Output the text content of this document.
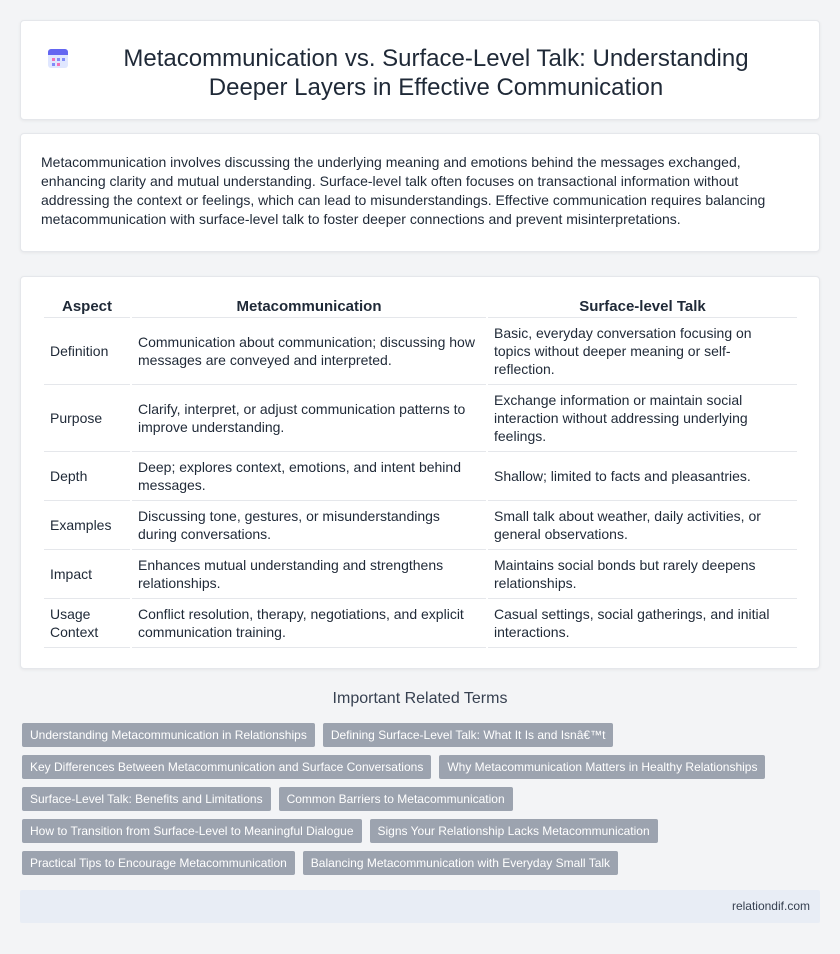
Metacommunication vs. Surface-Level Talk: Understanding Deeper Layers in Effective Communication

Metacommunication involves discussing the underlying meaning and emotions behind the messages exchanged, enhancing clarity and mutual understanding. Surface-level talk often focuses on transactional information without addressing the context or feelings, which can lead to misunderstandings. Effective communication requires balancing metacommunication with surface-level talk to foster deeper connections and prevent misinterpretations.

Aspect	Metacommunication	Surface-level Talk
Definition	Communication about communication; discussing how messages are conveyed and interpreted.	Basic, everyday conversation focusing on topics without deeper meaning or self-reflection.
Purpose	Clarify, interpret, or adjust communication patterns to improve understanding.	Exchange information or maintain social interaction without addressing underlying feelings.
Depth	Deep; explores context, emotions, and intent behind messages.	Shallow; limited to facts and pleasantries.
Examples	Discussing tone, gestures, or misunderstandings during conversations.	Small talk about weather, daily activities, or general observations.
Impact	Enhances mutual understanding and strengthens relationships.	Maintains social bonds but rarely deepens relationships.
Usage Context	Conflict resolution, therapy, negotiations, and explicit communication training.	Casual settings, social gatherings, and initial interactions.
Important Related Terms
Understanding Metacommunication in Relationships	Defining Surface-Level Talk: What It Is and Isnâ€™t
Key Differences Between Metacommunication and Surface Conversations	Why Metacommunication Matters in Healthy Relationships
Surface-Level Talk: Benefits and Limitations	Common Barriers to Metacommunication
How to Transition from Surface-Level to Meaningful Dialogue	Signs Your Relationship Lacks Metacommunication
Practical Tips to Encourage Metacommunication	Balancing Metacommunication with Everyday Small Talk
relationdif.com
